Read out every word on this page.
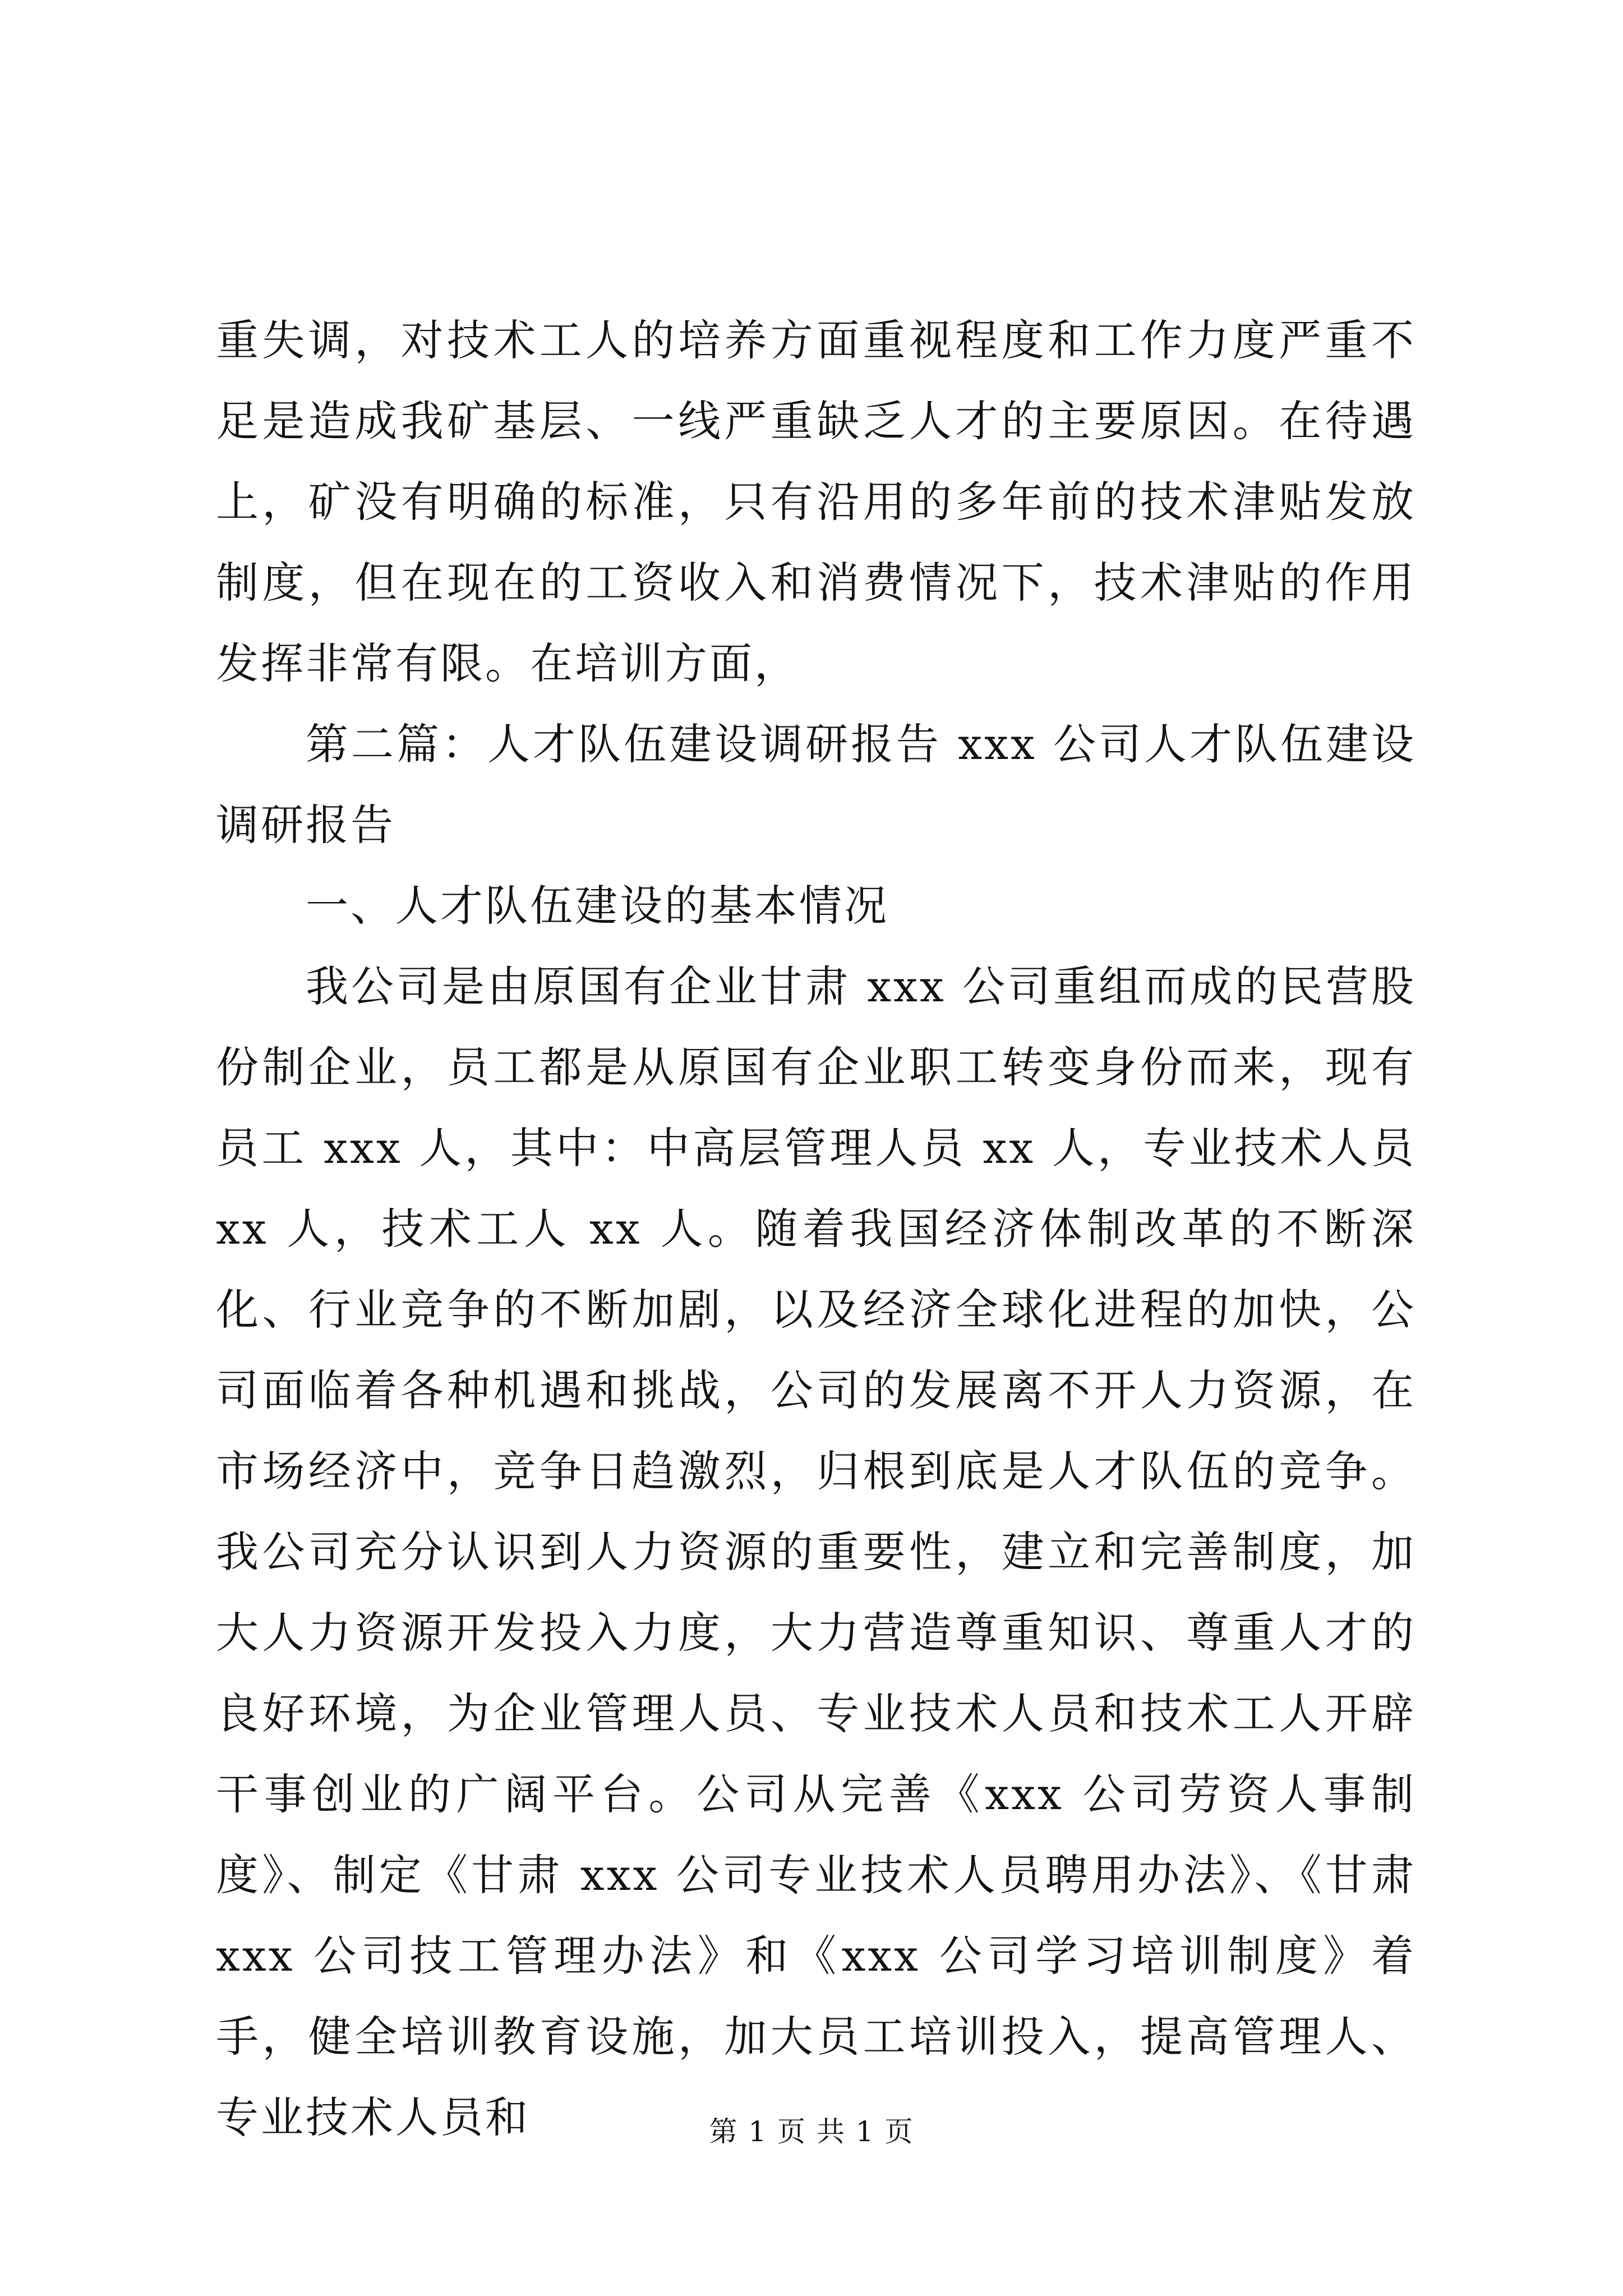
重失调，对技术工人的培养方面重视程度和工作力度严重不足是造成我矿基层、一线严重缺乏人才的主要原因。在待遇上，矿没有明确的标准，只有沿用的多年前的技术津贴发放制度，但在现在的工资收入和消费情况下，技术津贴的作用发挥非常有限。在培训方面，

第二篇：人才队伍建设调研报告 xxx 公司人才队伍建设调研报告

一、人才队伍建设的基本情况

我公司是由原国有企业甘肃 xxx 公司重组而成的民营股份制企业，员工都是从原国有企业职工转变身份而来，现有员工 xxx 人，其中：中高层管理人员 xx 人，专业技术人员 xx 人，技术工人 xx 人。随着我国经济体制改革的不断深化、行业竞争的不断加剧，以及经济全球化进程的加快，公司面临着各种机遇和挑战，公司的发展离不开人力资源，在市场经济中，竞争日趋激烈，归根到底是人才队伍的竞争。我公司充分认识到人力资源的重要性，建立和完善制度，加大人力资源开发投入力度，大力营造尊重知识、尊重人才的良好环境，为企业管理人员、专业技术人员和技术工人开辟干事创业的广阔平台。公司从完善《xxx 公司劳资人事制度》、制定《甘肃 xxx 公司专业技术人员聘用办法》、《甘肃 xxx 公司技工管理办法》和《xxx 公司学习培训制度》着手，健全培训教育设施，加大员工培训投入，提高管理人、专业技术人员和	第 1 页 共 1 页
